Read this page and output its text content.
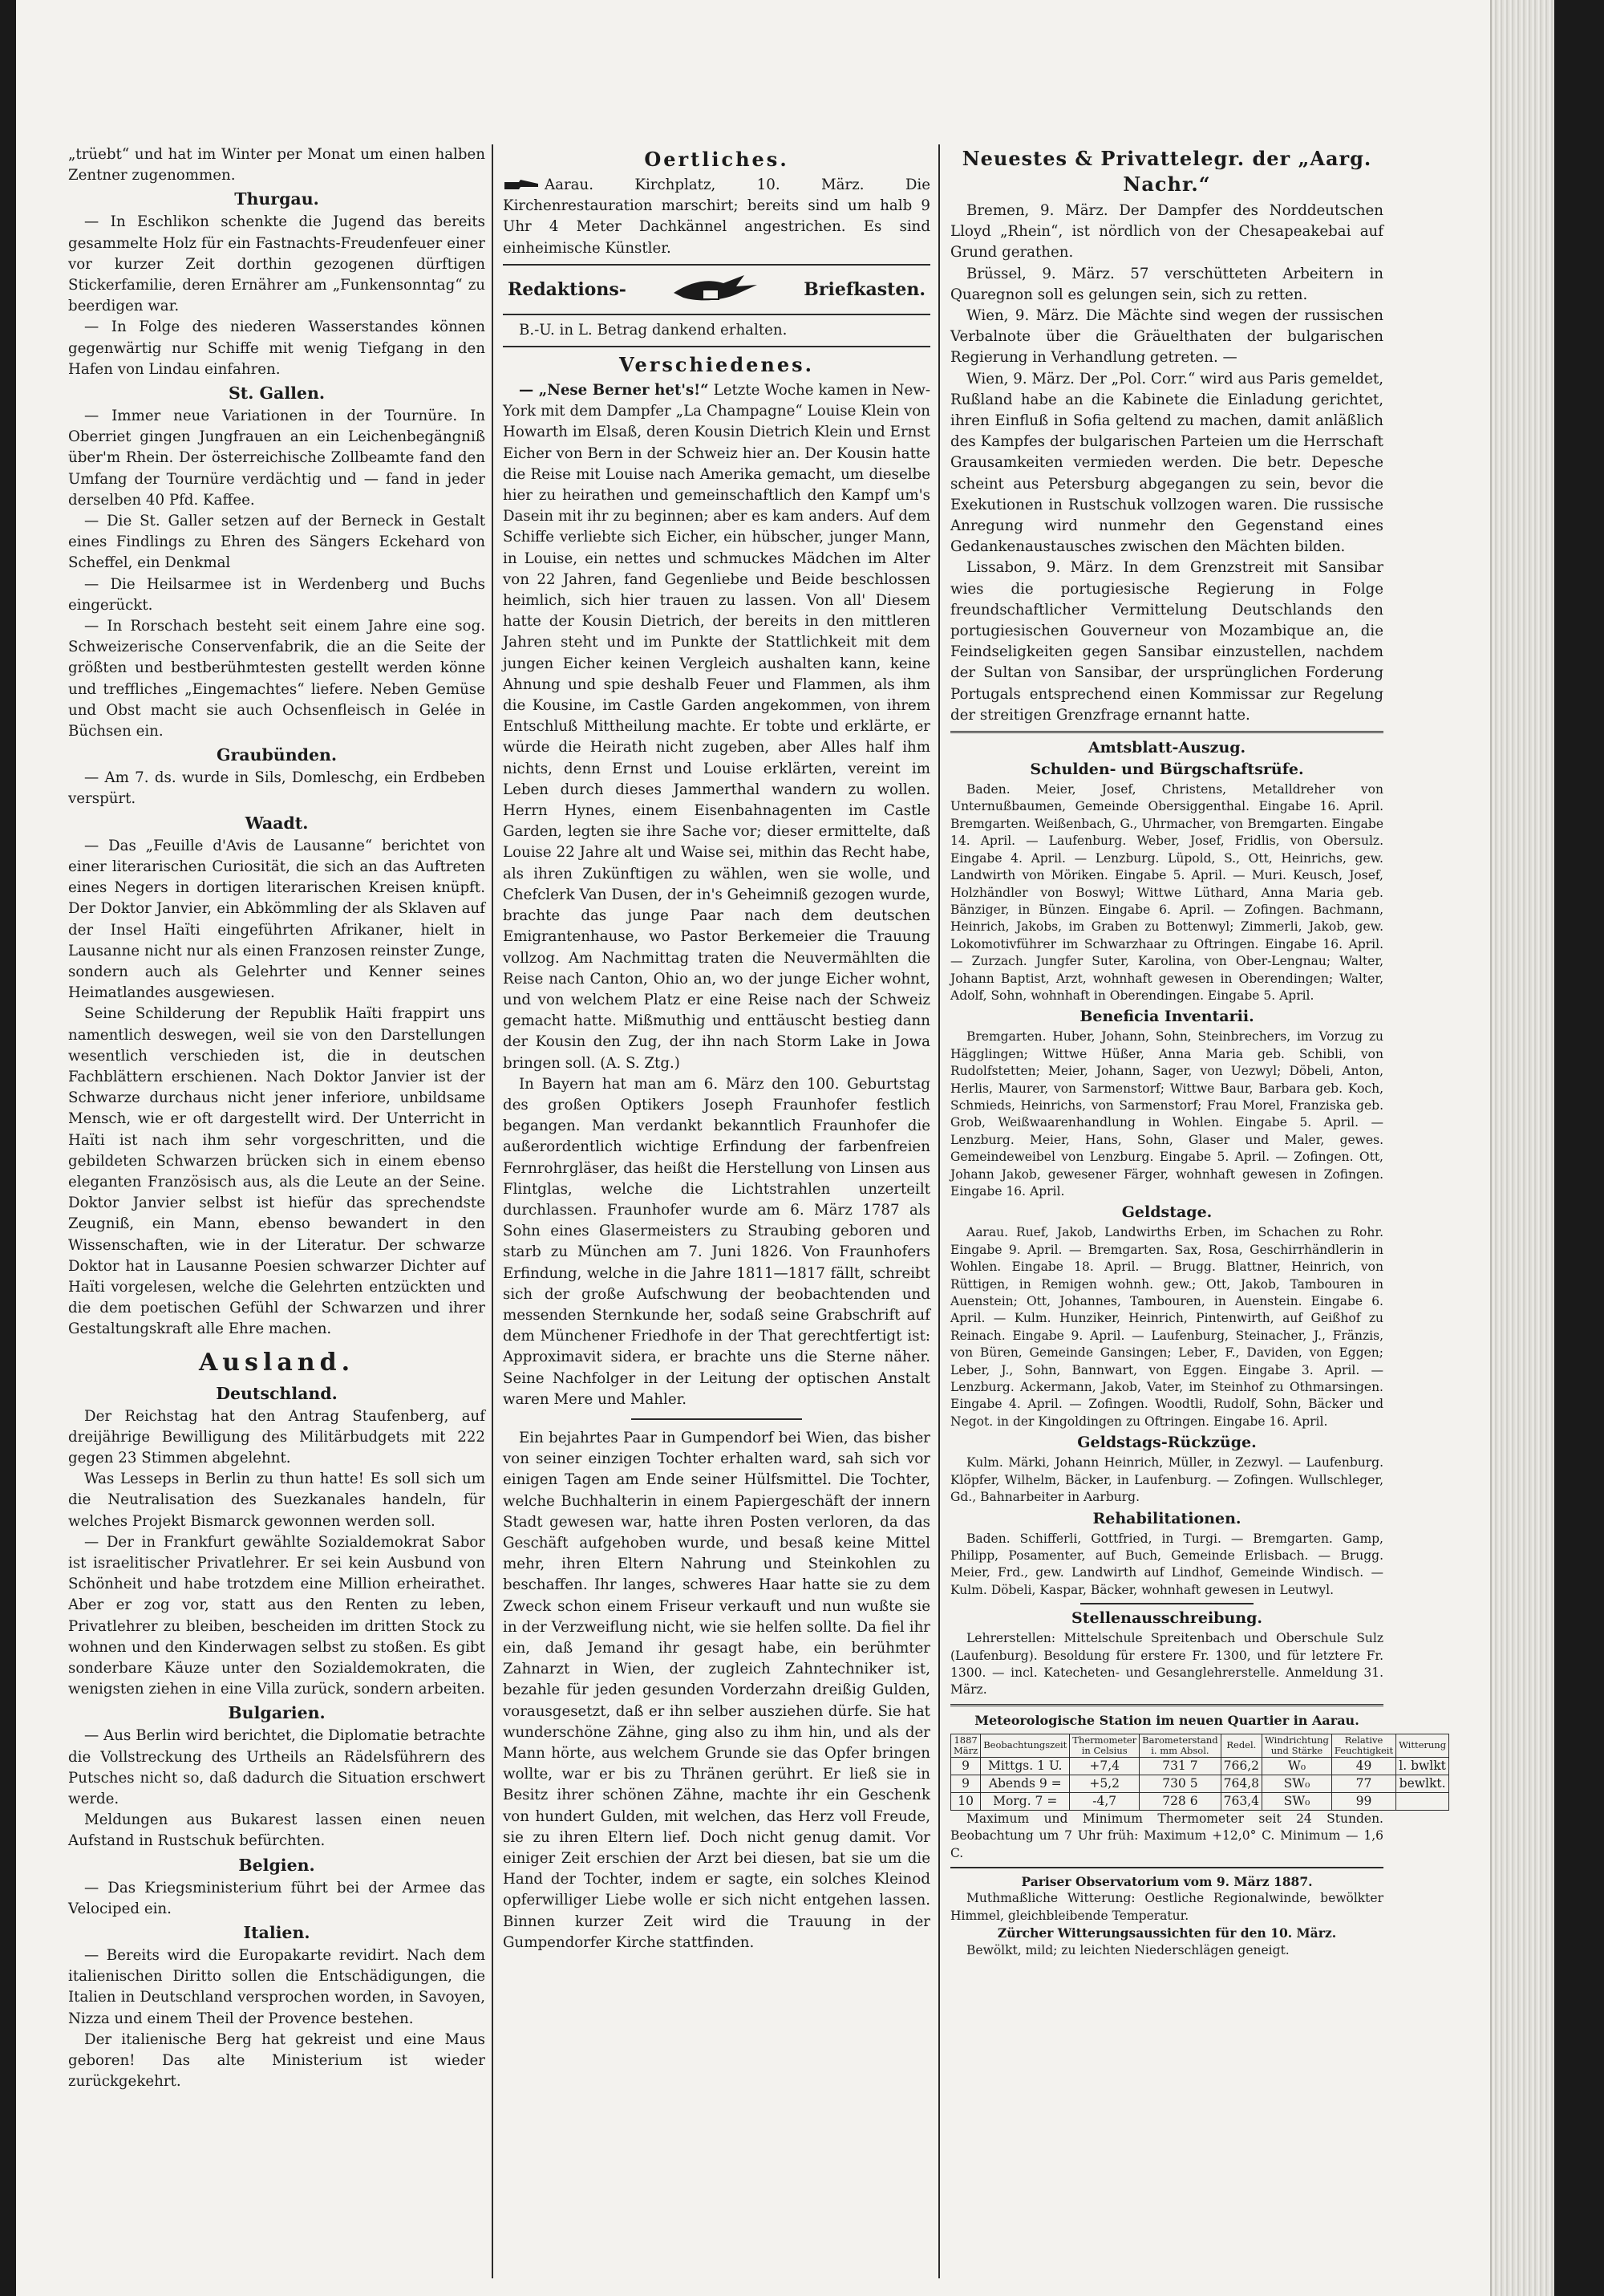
„trüebt“ und hat im Winter per Monat um einen halben Zentner zugenommen.

Thurgau.

— In Eschlikon schenkte die Jugend das bereits gesammelte Holz für ein Fastnachts-Freudenfeuer einer vor kurzer Zeit dorthin gezogenen dürftigen Stickerfamilie, deren Ernährer am „Funkensonntag“ zu beerdigen war.

— In Folge des niederen Wasserstandes können gegenwärtig nur Schiffe mit wenig Tiefgang in den Hafen von Lindau einfahren.

St. Gallen.

— Immer neue Variationen in der Tournüre. In Oberriet gingen Jungfrauen an ein Leichenbegängniß über'm Rhein. Der österreichische Zollbeamte fand den Umfang der Tournüre verdächtig und — fand in jeder derselben 40 Pfd. Kaffee.

— Die St. Galler setzen auf der Berneck in Gestalt eines Findlings zu Ehren des Sängers Eckehard von Scheffel, ein Denkmal

— Die Heilsarmee ist in Werdenberg und Buchs eingerückt.

— In Rorschach besteht seit einem Jahre eine sog. Schweizerische Conservenfabrik, die an die Seite der größten und bestberühmtesten gestellt werden könne und treffliches „Eingemachtes“ liefere. Neben Gemüse und Obst macht sie auch Ochsenfleisch in Gelée in Büchsen ein.

Graubünden.

— Am 7. ds. wurde in Sils, Domleschg, ein Erdbeben verspürt.

Waadt.

— Das „Feuille d'Avis de Lausanne“ berichtet von einer literarischen Curiosität, die sich an das Auftreten eines Negers in dortigen literarischen Kreisen knüpft. Der Doktor Janvier, ein Abkömmling der als Sklaven auf der Insel Haïti eingeführten Afrikaner, hielt in Lausanne nicht nur als einen Franzosen reinster Zunge, sondern auch als Gelehrter und Kenner seines Heimatlandes ausgewiesen.

Seine Schilderung der Republik Haïti frappirt uns namentlich deswegen, weil sie von den Darstellungen wesentlich verschieden ist, die in deutschen Fachblättern erschienen. Nach Doktor Janvier ist der Schwarze durchaus nicht jener inferiore, unbildsame Mensch, wie er oft dargestellt wird. Der Unterricht in Haïti ist nach ihm sehr vorgeschritten, und die gebildeten Schwarzen brücken sich in einem ebenso eleganten Französisch aus, als die Leute an der Seine. Doktor Janvier selbst ist hiefür das sprechendste Zeugniß, ein Mann, ebenso bewandert in den Wissenschaften, wie in der Literatur. Der schwarze Doktor hat in Lausanne Poesien schwarzer Dichter auf Haïti vorgelesen, welche die Gelehrten entzückten und die dem poetischen Gefühl der Schwarzen und ihrer Gestaltungskraft alle Ehre machen.

Ausland.
Deutschland.

Der Reichstag hat den Antrag Staufenberg, auf dreijährige Bewilligung des Militärbudgets mit 222 gegen 23 Stimmen abgelehnt.

Was Lesseps in Berlin zu thun hatte! Es soll sich um die Neutralisation des Suezkanales handeln, für welches Projekt Bismarck gewonnen werden soll.

— Der in Frankfurt gewählte Sozialdemokrat Sabor ist israelitischer Privatlehrer. Er sei kein Ausbund von Schönheit und habe trotzdem eine Million erheirathet. Aber er zog vor, statt aus den Renten zu leben, Privatlehrer zu bleiben, bescheiden im dritten Stock zu wohnen und den Kinderwagen selbst zu stoßen. Es gibt sonderbare Käuze unter den Sozialdemokraten, die wenigsten ziehen in eine Villa zurück, sondern arbeiten.

Bulgarien.

— Aus Berlin wird berichtet, die Diplomatie betrachte die Vollstreckung des Urtheils an Rädelsführern des Putsches nicht so, daß dadurch die Situation erschwert werde.

Meldungen aus Bukarest lassen einen neuen Aufstand in Rustschuk befürchten.

Belgien.

— Das Kriegsministerium führt bei der Armee das Velociped ein.

Italien.

— Bereits wird die Europakarte revidirt. Nach dem italienischen Diritto sollen die Entschädigungen, die Italien in Deutschland versprochen worden, in Savoyen, Nizza und einem Theil der Provence bestehen.

Der italienische Berg hat gekreist und eine Maus geboren! Das alte Ministerium ist wieder zurückgekehrt.

Oertliches.

Aarau. Kirchplatz, 10. März. Die Kirchenrestauration marschirt; bereits sind um halb 9 Uhr 4 Meter Dachkännel angestrichen. Es sind einheimische Künstler.

Redaktions-	Briefkasten.

B.-U. in L. Betrag dankend erhalten.

Verschiedenes.

— „Nese Berner het's!“ Letzte Woche kamen in New-York mit dem Dampfer „La Champagne“ Louise Klein von Howarth im Elsaß, deren Kousin Dietrich Klein und Ernst Eicher von Bern in der Schweiz hier an. Der Kousin hatte die Reise mit Louise nach Amerika gemacht, um dieselbe hier zu heirathen und gemeinschaftlich den Kampf um's Dasein mit ihr zu beginnen; aber es kam anders. Auf dem Schiffe verliebte sich Eicher, ein hübscher, junger Mann, in Louise, ein nettes und schmuckes Mädchen im Alter von 22 Jahren, fand Gegenliebe und Beide beschlossen heimlich, sich hier trauen zu lassen. Von all' Diesem hatte der Kousin Dietrich, der bereits in den mittleren Jahren steht und im Punkte der Stattlichkeit mit dem jungen Eicher keinen Vergleich aushalten kann, keine Ahnung und spie deshalb Feuer und Flammen, als ihm die Kousine, im Castle Garden angekommen, von ihrem Entschluß Mittheilung machte. Er tobte und erklärte, er würde die Heirath nicht zugeben, aber Alles half ihm nichts, denn Ernst und Louise erklärten, vereint im Leben durch dieses Jammerthal wandern zu wollen. Herrn Hynes, einem Eisenbahnagenten im Castle Garden, legten sie ihre Sache vor; dieser ermittelte, daß Louise 22 Jahre alt und Waise sei, mithin das Recht habe, als ihren Zukünftigen zu wählen, wen sie wolle, und Chefclerk Van Dusen, der in's Geheimniß gezogen wurde, brachte das junge Paar nach dem deutschen Emigrantenhause, wo Pastor Berkemeier die Trauung vollzog. Am Nachmittag traten die Neuvermählten die Reise nach Canton, Ohio an, wo der junge Eicher wohnt, und von welchem Platz er eine Reise nach der Schweiz gemacht hatte. Mißmuthig und enttäuscht bestieg dann der Kousin den Zug, der ihn nach Storm Lake in Jowa bringen soll. (A. S. Ztg.)

In Bayern hat man am 6. März den 100. Geburtstag des großen Optikers Joseph Fraunhofer festlich begangen. Man verdankt bekanntlich Fraunhofer die außerordentlich wichtige Erfindung der farbenfreien Fernrohrgläser, das heißt die Herstellung von Linsen aus Flintglas, welche die Lichtstrahlen unzerteilt durchlassen. Fraunhofer wurde am 6. März 1787 als Sohn eines Glasermeisters zu Straubing geboren und starb zu München am 7. Juni 1826. Von Fraunhofers Erfindung, welche in die Jahre 1811—1817 fällt, schreibt sich der große Aufschwung der beobachtenden und messenden Sternkunde her, sodaß seine Grabschrift auf dem Münchener Friedhofe in der That gerechtfertigt ist: Approximavit sidera, er brachte uns die Sterne näher. Seine Nachfolger in der Leitung der optischen Anstalt waren Mere und Mahler.

Ein bejahrtes Paar in Gumpendorf bei Wien, das bisher von seiner einzigen Tochter erhalten ward, sah sich vor einigen Tagen am Ende seiner Hülfsmittel. Die Tochter, welche Buchhalterin in einem Papiergeschäft der innern Stadt gewesen war, hatte ihren Posten verloren, da das Geschäft aufgehoben wurde, und besaß keine Mittel mehr, ihren Eltern Nahrung und Steinkohlen zu beschaffen. Ihr langes, schweres Haar hatte sie zu dem Zweck schon einem Friseur verkauft und nun wußte sie in der Verzweiflung nicht, wie sie helfen sollte. Da fiel ihr ein, daß Jemand ihr gesagt habe, ein berühmter Zahnarzt in Wien, der zugleich Zahntechniker ist, bezahle für jeden gesunden Vorderzahn dreißig Gulden, vorausgesetzt, daß er ihn selber ausziehen dürfe. Sie hat wunderschöne Zähne, ging also zu ihm hin, und als der Mann hörte, aus welchem Grunde sie das Opfer bringen wollte, war er bis zu Thränen gerührt. Er ließ sie in Besitz ihrer schönen Zähne, machte ihr ein Geschenk von hundert Gulden, mit welchen, das Herz voll Freude, sie zu ihren Eltern lief. Doch nicht genug damit. Vor einiger Zeit erschien der Arzt bei diesen, bat sie um die Hand der Tochter, indem er sagte, ein solches Kleinod opferwilliger Liebe wolle er sich nicht entgehen lassen. Binnen kurzer Zeit wird die Trauung in der Gumpendorfer Kirche stattfinden.

Neuestes & Privattelegr. der „Aarg. Nachr.“

Bremen, 9. März. Der Dampfer des Norddeutschen Lloyd „Rhein“, ist nördlich von der Chesapeakebai auf Grund gerathen.

Brüssel, 9. März. 57 verschütteten Arbeitern in Quaregnon soll es gelungen sein, sich zu retten.

Wien, 9. März. Die Mächte sind wegen der russischen Verbalnote über die Gräuelthaten der bulgarischen Regierung in Verhandlung getreten. —

Wien, 9. März. Der „Pol. Corr.“ wird aus Paris gemeldet, Rußland habe an die Kabinete die Einladung gerichtet, ihren Einfluß in Sofia geltend zu machen, damit anläßlich des Kampfes der bulgarischen Parteien um die Herrschaft Grausamkeiten vermieden werden. Die betr. Depesche scheint aus Petersburg abgegangen zu sein, bevor die Exekutionen in Rustschuk vollzogen waren. Die russische Anregung wird nunmehr den Gegenstand eines Gedankenaustausches zwischen den Mächten bilden.

Lissabon, 9. März. In dem Grenzstreit mit Sansibar wies die portugiesische Regierung in Folge freundschaftlicher Vermittelung Deutschlands den portugiesischen Gouverneur von Mozambique an, die Feindseligkeiten gegen Sansibar einzustellen, nachdem der Sultan von Sansibar, der ursprünglichen Forderung Portugals entsprechend einen Kommissar zur Regelung der streitigen Grenzfrage ernannt hatte.

Amtsblatt-Auszug.
Schulden- und Bürgschaftsrüfe.

Baden. Meier, Josef, Christens, Metalldreher von Unternußbaumen, Gemeinde Obersiggenthal. Eingabe 16. April. Bremgarten. Weißenbach, G., Uhrmacher, von Bremgarten. Eingabe 14. April. — Laufenburg. Weber, Josef, Fridlis, von Obersulz. Eingabe 4. April. — Lenzburg. Lüpold, S., Ott, Heinrichs, gew. Landwirth von Möriken. Eingabe 5. April. — Muri. Keusch, Josef, Holzhändler von Boswyl; Wittwe Lüthard, Anna Maria geb. Bänziger, in Bünzen. Eingabe 6. April. — Zofingen. Bachmann, Heinrich, Jakobs, im Graben zu Bottenwyl; Zimmerli, Jakob, gew. Lokomotivführer im Schwarzhaar zu Oftringen. Eingabe 16. April. — Zurzach. Jungfer Suter, Karolina, von Ober-Lengnau; Walter, Johann Baptist, Arzt, wohnhaft gewesen in Oberendingen; Walter, Adolf, Sohn, wohnhaft in Oberendingen. Eingabe 5. April.

Beneficia Inventarii.

Bremgarten. Huber, Johann, Sohn, Steinbrechers, im Vorzug zu Hägglingen; Wittwe Hüßer, Anna Maria geb. Schibli, von Rudolfstetten; Meier, Johann, Sager, von Uezwyl; Döbeli, Anton, Herlis, Maurer, von Sarmenstorf; Wittwe Baur, Barbara geb. Koch, Schmieds, Heinrichs, von Sarmenstorf; Frau Morel, Franziska geb. Grob, Weißwaarenhandlung in Wohlen. Eingabe 5. April. — Lenzburg. Meier, Hans, Sohn, Glaser und Maler, gewes. Gemeindeweibel von Lenzburg. Eingabe 5. April. — Zofingen. Ott, Johann Jakob, gewesener Färger, wohnhaft gewesen in Zofingen. Eingabe 16. April.

Geldstage.

Aarau. Ruef, Jakob, Landwirths Erben, im Schachen zu Rohr. Eingabe 9. April. — Bremgarten. Sax, Rosa, Geschirrhändlerin in Wohlen. Eingabe 18. April. — Brugg. Blattner, Heinrich, von Rüttigen, in Remigen wohnh. gew.; Ott, Jakob, Tambouren in Auenstein; Ott, Johannes, Tambouren, in Auenstein. Eingabe 6. April. — Kulm. Hunziker, Heinrich, Pintenwirth, auf Geißhof zu Reinach. Eingabe 9. April. — Laufenburg, Steinacher, J., Fränzis, von Büren, Gemeinde Gansingen; Leber, F., Daviden, von Eggen; Leber, J., Sohn, Bannwart, von Eggen. Eingabe 3. April. — Lenzburg. Ackermann, Jakob, Vater, im Steinhof zu Othmarsingen. Eingabe 4. April. — Zofingen. Woodtli, Rudolf, Sohn, Bäcker und Negot. in der Kingoldingen zu Oftringen. Eingabe 16. April.

Geldstags-Rückzüge.

Kulm. Märki, Johann Heinrich, Müller, in Zezwyl. — Laufenburg. Klöpfer, Wilhelm, Bäcker, in Laufenburg. — Zofingen. Wullschleger, Gd., Bahnarbeiter in Aarburg.

Rehabilitationen.

Baden. Schifferli, Gottfried, in Turgi. — Bremgarten. Gamp, Philipp, Posamenter, auf Buch, Gemeinde Erlisbach. — Brugg. Meier, Frd., gew. Landwirth auf Lindhof, Gemeinde Windisch. — Kulm. Döbeli, Kaspar, Bäcker, wohnhaft gewesen in Leutwyl.

Stellenausschreibung.

Lehrerstellen: Mittelschule Spreitenbach und Oberschule Sulz (Laufenburg). Besoldung für erstere Fr. 1300, und für letztere Fr. 1300. — incl. Katecheten- und Gesanglehrerstelle. Anmeldung 31. März.

Meteorologische Station im neuen Quartier in Aarau.
1887 März	Beobachtungszeit	Thermometer in Celsius	Barometerstand i. mm Absol.	Redel.	Windrichtung und Stärke	Relative Feuchtigkeit	Witterung
9	Mittgs. 1 U.	+7,4	731 7	766,2	W₀	49	l. bwlkt
9	Abends 9 =	+5,2	730 5	764,8	SW₀	77	bewlkt.
10	Morg. 7 =	-4,7	728 6	763,4	SW₀	99	

Maximum und Minimum Thermometer seit 24 Stunden. Beobachtung um 7 Uhr früh: Maximum +12,0° C. Minimum — 1,6 C.

Pariser Observatorium vom 9. März 1887.

Muthmaßliche Witterung: Oestliche Regionalwinde, bewölkter Himmel, gleichbleibende Temperatur.

Zürcher Witterungsaussichten für den 10. März.

Bewölkt, mild; zu leichten Niederschlägen geneigt.
